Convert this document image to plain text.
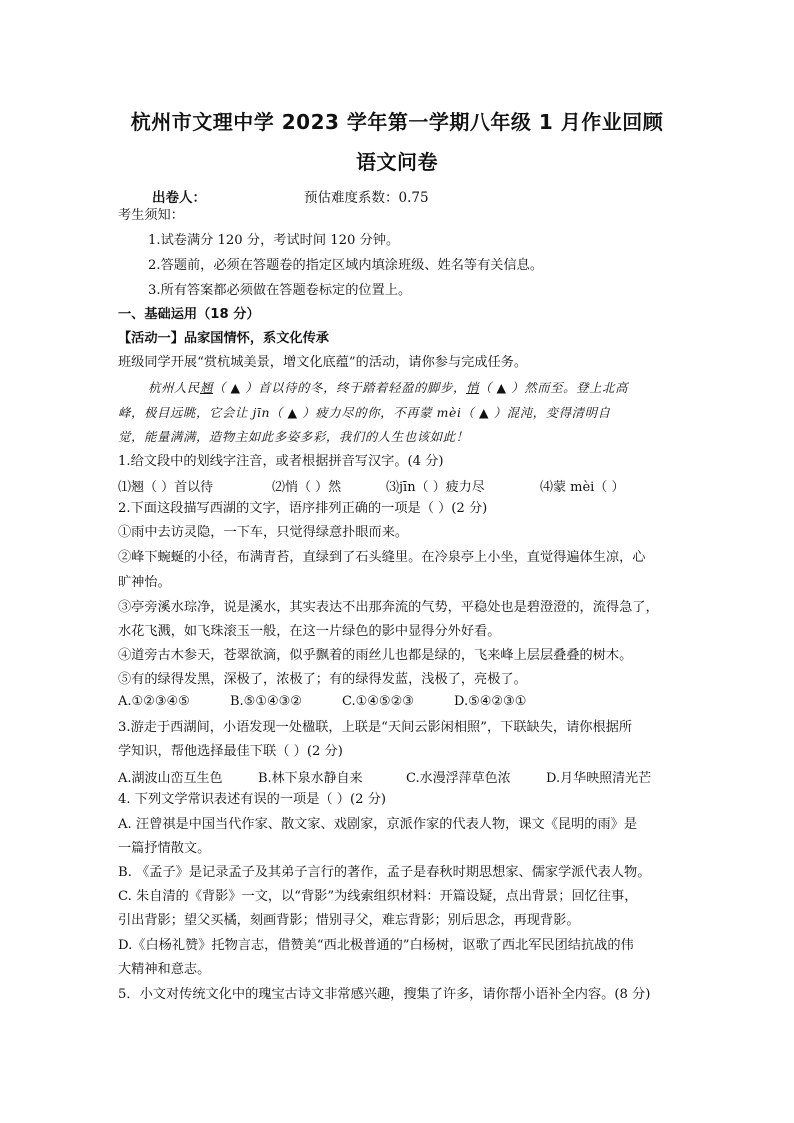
杭州市文理中学 2023 学年第一学期八年级 1 月作业回顾
语文问卷
出卷人：	预估难度系数：0.75
考生须知：
1.试卷满分 120 分，考试时间 120 分钟。
2.答题前，必须在答题卷的指定区域内填涂班级、姓名等有关信息。
3.所有答案都必须做在答题卷标定的位置上。
一、基础运用（18 分）
【活动一】品家国情怀，系文化传承
班级同学开展“赏杭城美景，增文化底蕴”的活动，请你参与完成任务。
杭州人民翘（ ▲ ）首以待的冬，终于踏着轻盈的脚步，悄（ ▲ ）然而至。登上北高
峰，极目远眺，它会让 jīn（ ▲ ）疲力尽的你，不再蒙 mèi（ ▲ ）混沌，变得清明自
觉，能量满满，造物主如此多姿多彩，我们的人生也该如此！
1.给文段中的划线字注音，或者根据拼音写汉字。(4 分)
⑴翘（ ）首以待	⑵悄（ ）然	⑶jīn（ ）疲力尽	⑷蒙 mèi（ ）
2.下面这段描写西湖的文字，语序排列正确的一项是（ ）(2 分)
①雨中去访灵隐，一下车，只觉得绿意扑眼而来。
②峰下蜿蜒的小径，布满青苔，直绿到了石头缝里。在冷泉亭上小坐，直觉得遍体生凉，心
旷神怡。
③亭旁溪水琮净，说是溪水，其实表达不出那奔流的气势，平稳处也是碧澄澄的，流得急了，
水花飞溅，如飞珠滚玉一般，在这一片绿色的影中显得分外好看。
④道旁古木参天，苍翠欲滴，似乎飘着的雨丝儿也都是绿的，飞来峰上层层叠叠的树木。
⑤有的绿得发黑，深极了，浓极了；有的绿得发蓝，浅极了，亮极了。
A.①②③④⑤	B.⑤①④③②	C.①④⑤②③	D.⑤④②③①
3.游走于西湖间，小语发现一处楹联，上联是“天间云影闲相照”，下联缺失，请你根据所
学知识，帮他选择最佳下联（ ）(2 分)
A.湖波山峦互生色	B.林下泉水静自来	C.水漫浮萍草色浓	D.月华映照清光芒
4. 下列文学常识表述有误的一项是（ ）(2 分)
A. 汪曾祺是中国当代作家、散文家、戏剧家，京派作家的代表人物，课文《昆明的雨》是
一篇抒情散文。
B. 《孟子》是记录孟子及其弟子言行的著作，孟子是春秋时期思想家、儒家学派代表人物。
C. 朱自清的《背影》一文，以“背影”为线索组织材料：开篇设疑，点出背景；回忆往事，
引出背影；望父买橘，刻画背影；惜别寻父，难忘背影；别后思念，再现背影。
D.《白杨礼赞》托物言志，借赞美“西北极普通的”白杨树，讴歌了西北军民团结抗战的伟
大精神和意志。
5．小文对传统文化中的瑰宝古诗文非常感兴趣，搜集了许多，请你帮小语补全内容。(8 分)
